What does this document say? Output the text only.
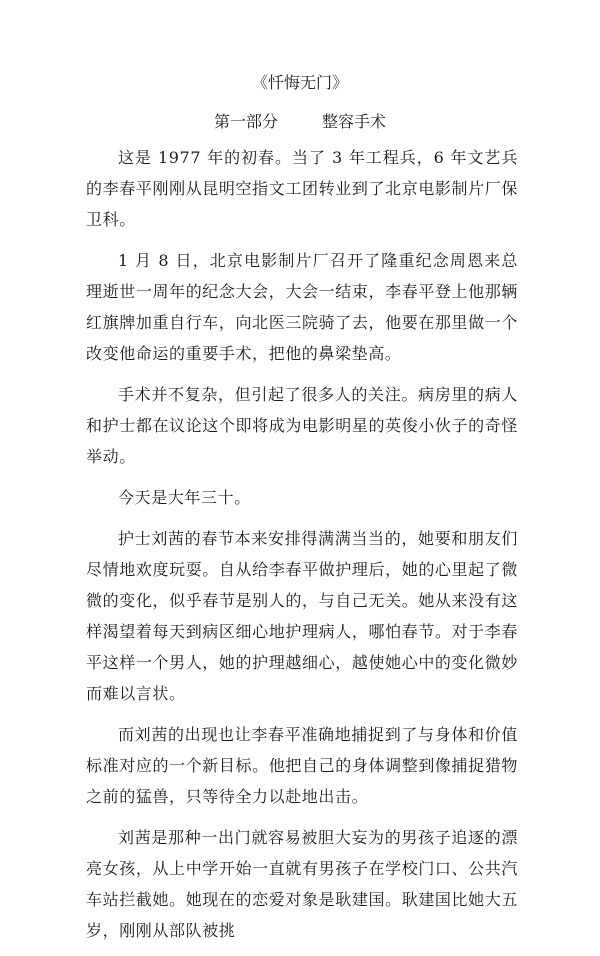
《忏悔无门》
第一部分	整容手术

这是 1977 年的初春。当了 3 年工程兵，6 年文艺兵的李春平刚刚从昆明空指文工团转业到了北京电影制片厂保卫科。

1 月 8 日，北京电影制片厂召开了隆重纪念周恩来总理逝世一周年的纪念大会，大会一结束，李春平登上他那辆红旗牌加重自行车，向北医三院骑了去，他要在那里做一个改变他命运的重要手术，把他的鼻梁垫高。

手术并不复杂，但引起了很多人的关注。病房里的病人和护士都在议论这个即将成为电影明星的英俊小伙子的奇怪举动。

今天是大年三十。

护士刘茜的春节本来安排得满满当当的，她要和朋友们尽情地欢度玩耍。自从给李春平做护理后，她的心里起了微微的变化，似乎春节是别人的，与自己无关。她从来没有这样渴望着每天到病区细心地护理病人，哪怕春节。对于李春平这样一个男人，她的护理越细心，越使她心中的变化微妙而难以言状。

而刘茜的出现也让李春平准确地捕捉到了与身体和价值标准对应的一个新目标。他把自己的身体调整到像捕捉猎物之前的猛兽，只等待全力以赴地出击。

刘茜是那种一出门就容易被胆大妄为的男孩子追逐的漂亮女孩，从上中学开始一直就有男孩子在学校门口、公共汽车站拦截她。她现在的恋爱对象是耿建国。耿建国比她大五岁，刚刚从部队被挑
